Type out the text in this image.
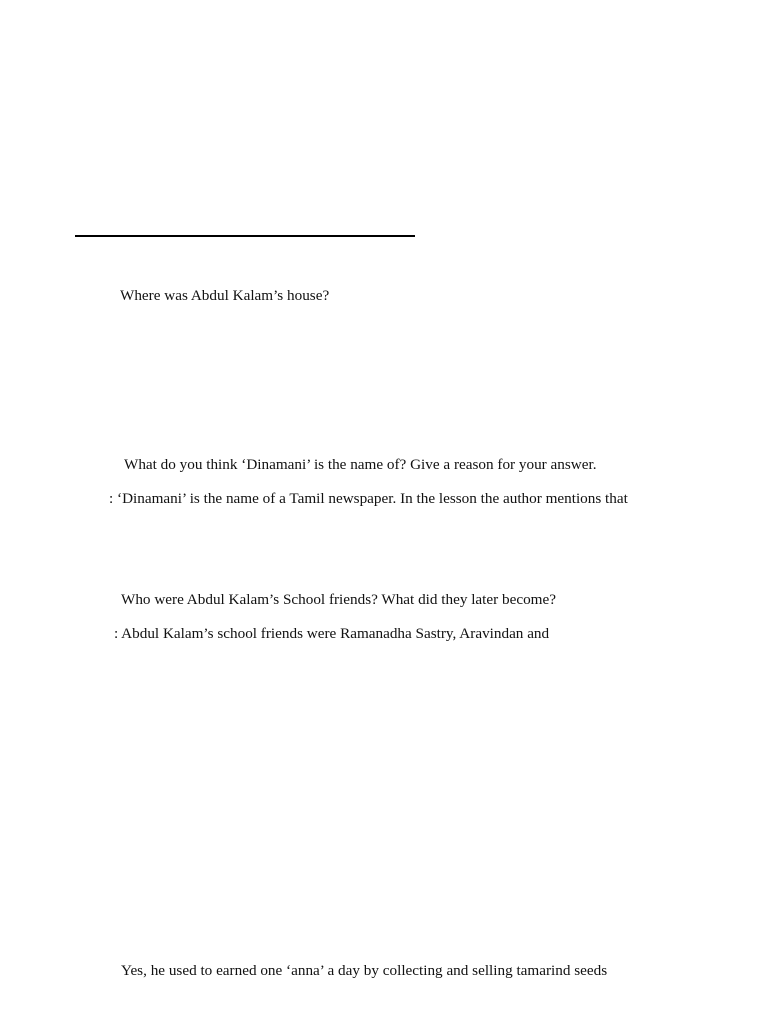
Where was Abdul Kalam’s house?
What do you think ‘Dinamani’ is the name of? Give a reason for your answer.
: ‘Dinamani’ is the name of a Tamil newspaper. In the lesson the author mentions that
Who were Abdul Kalam’s School friends? What did they later become?
: Abdul Kalam’s school friends were Ramanadha Sastry, Aravindan and
Yes, he used to earned one ‘anna’ a day by collecting and selling tamarind seeds
